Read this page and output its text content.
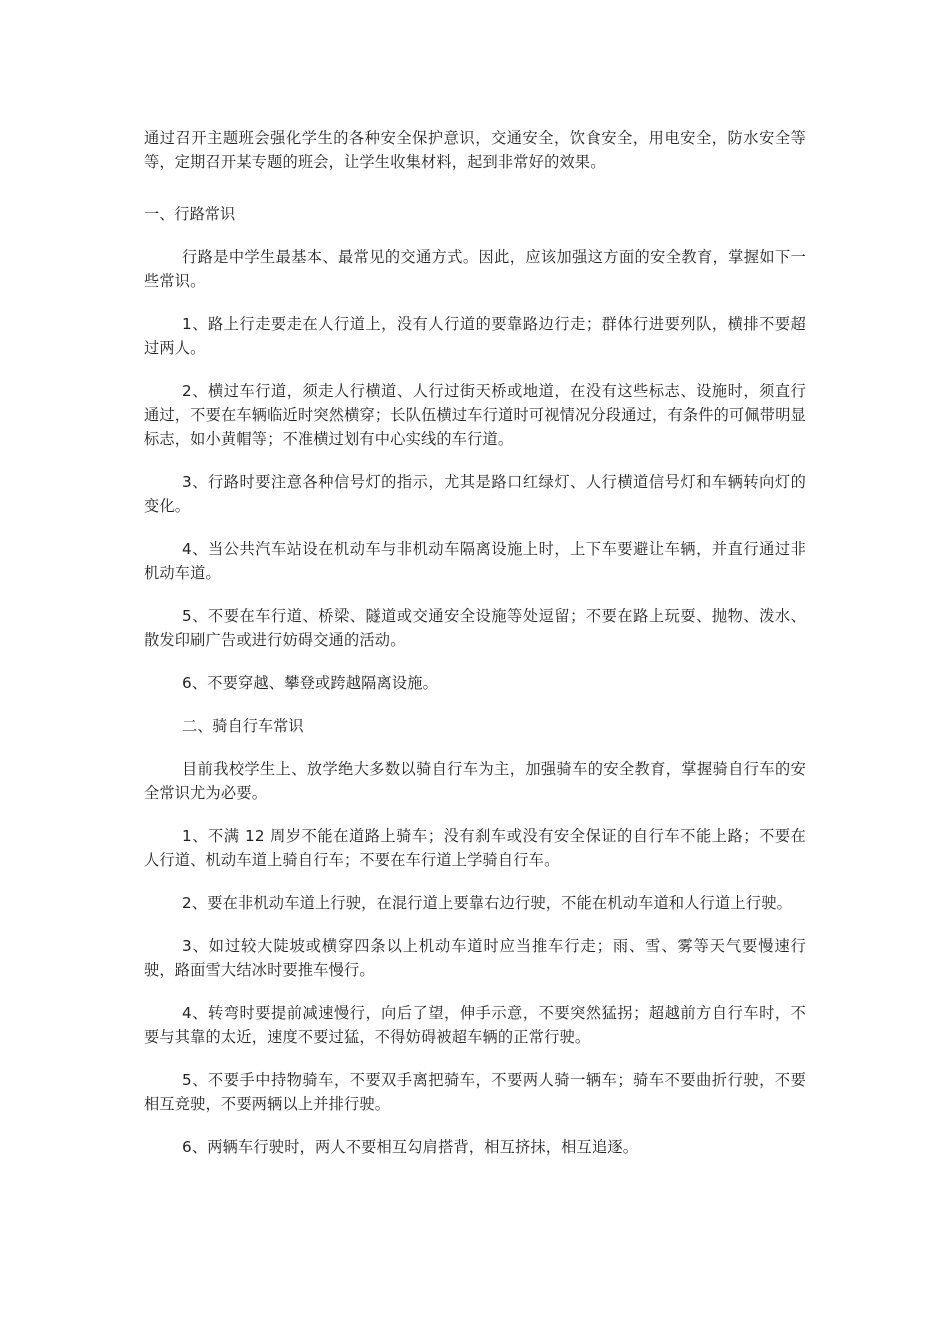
通过召开主题班会强化学生的各种安全保护意识，交通安全，饮食安全，用电安全，防水安全等等，定期召开某专题的班会，让学生收集材料，起到非常好的效果。

一、行路常识

行路是中学生最基本、最常见的交通方式。因此，应该加强这方面的安全教育，掌握如下一些常识。

1、路上行走要走在人行道上，没有人行道的要靠路边行走；群体行进要列队，横排不要超过两人。

2、横过车行道，须走人行横道、人行过街天桥或地道，在没有这些标志、设施时，须直行通过，不要在车辆临近时突然横穿；长队伍横过车行道时可视情况分段通过，有条件的可佩带明显标志，如小黄帽等；不准横过划有中心实线的车行道。

3、行路时要注意各种信号灯的指示，尤其是路口红绿灯、人行横道信号灯和车辆转向灯的变化。

4、当公共汽车站设在机动车与非机动车隔离设施上时，上下车要避让车辆，并直行通过非机动车道。

5、不要在车行道、桥梁、隧道或交通安全设施等处逗留；不要在路上玩耍、抛物、泼水、散发印刷广告或进行妨碍交通的活动。

6、不要穿越、攀登或跨越隔离设施。

二、骑自行车常识

目前我校学生上、放学绝大多数以骑自行车为主，加强骑车的安全教育，掌握骑自行车的安全常识尤为必要。

1、不满 12 周岁不能在道路上骑车；没有刹车或没有安全保证的自行车不能上路；不要在人行道、机动车道上骑自行车；不要在车行道上学骑自行车。

2、要在非机动车道上行驶，在混行道上要靠右边行驶，不能在机动车道和人行道上行驶。

3、如过较大陡坡或横穿四条以上机动车道时应当推车行走；雨、雪、雾等天气要慢速行驶，路面雪大结冰时要推车慢行。

4、转弯时要提前减速慢行，向后了望，伸手示意，不要突然猛拐；超越前方自行车时，不要与其靠的太近，速度不要过猛，不得妨碍被超车辆的正常行驶。

5、不要手中持物骑车，不要双手离把骑车，不要两人骑一辆车；骑车不要曲折行驶，不要相互竞驶，不要两辆以上并排行驶。

6、两辆车行驶时，两人不要相互勾肩搭背，相互挤抹，相互追逐。
